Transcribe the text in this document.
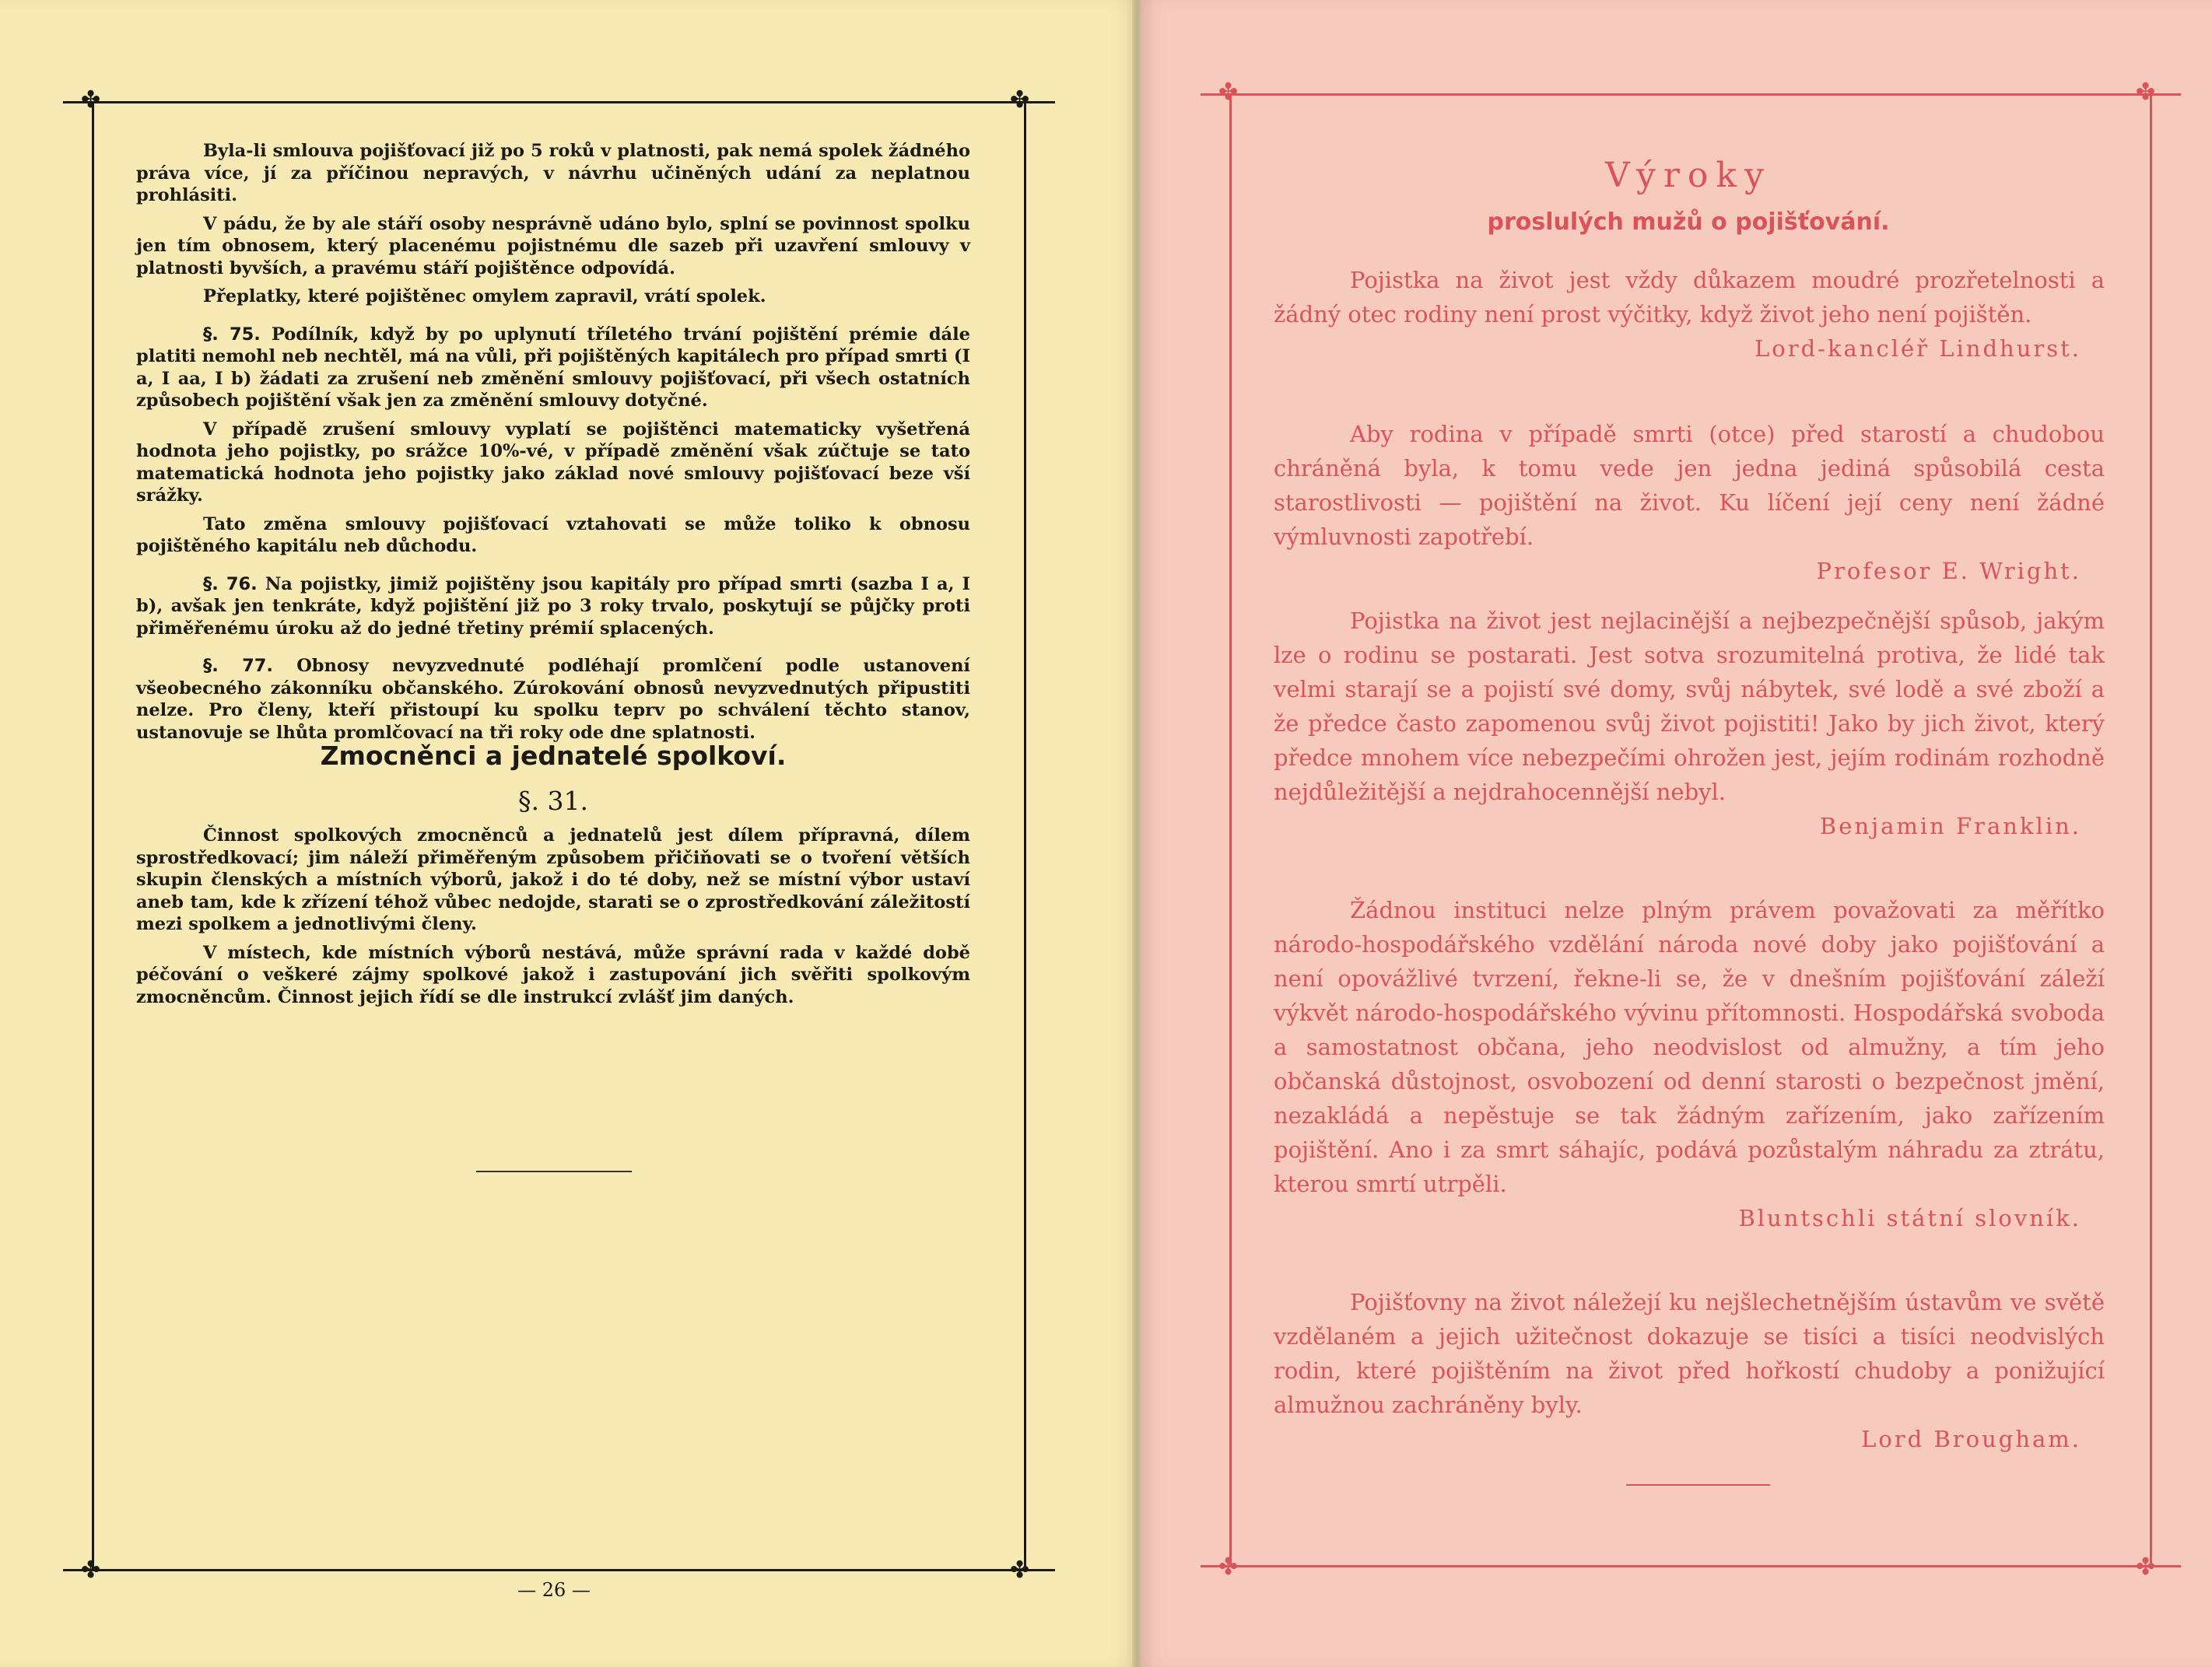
✤	✤
✤	✤
✤	✤
✤	✤

Byla-li smlouva pojišťovací již po 5 roků v platnosti, pak nemá spolek žádného práva více, jí za příčinou nepravých, v návrhu učiněných udání za neplatnou prohlásiti.

V pádu, že by ale stáří osoby nesprávně udáno bylo, splní se povinnost spolku jen tím obnosem, který placenému pojistnému dle sazeb při uzavření smlouvy v platnosti byvších, a pravému stáří pojištěnce odpovídá.

Přeplatky, které pojištěnec omylem zapravil, vrátí spolek.

§. 75. Podílník, když by po uplynutí tříletého trvání pojištění prémie dále platiti nemohl neb nechtěl, má na vůli, při pojištěných kapitálech pro případ smrti (I a, I aa, I b) žádati za zrušení neb změnění smlouvy pojišťovací, při všech ostatních způsobech pojištění však jen za změnění smlouvy dotyčné.

V případě zrušení smlouvy vyplatí se pojištěnci matematicky vyšetřená hodnota jeho pojistky, po srážce 10%-vé, v případě změnění však zúčtuje se tato matematická hodnota jeho pojistky jako základ nové smlouvy pojišťovací beze vší srážky.

Tato změna smlouvy pojišťovací vztahovati se může toliko k obnosu pojištěného kapitálu neb důchodu.

§. 76. Na pojistky, jimiž pojištěny jsou kapitály pro případ smrti (sazba I a, I b), avšak jen tenkráte, když pojištění již po 3 roky trvalo, poskytují se půjčky proti přiměřenému úroku až do jedné třetiny prémií splacených.

§. 77. Obnosy nevyzvednuté podléhají promlčení podle ustanovení všeobecného zákonníku občanského. Zúrokování obnosů nevyzvednutých připustiti nelze. Pro členy, kteří přistoupí ku spolku teprv po schválení těchto stanov, ustanovuje se lhůta promlčovací na tři roky ode dne splatnosti.

Zmocněnci a jednatelé spolkoví.
§. 31.

Činnost spolkových zmocněnců a jednatelů jest dílem přípravná, dílem sprostředkovací; jim náleží přiměřeným způsobem přičiňovati se o tvoření větších skupin členských a místních výborů, jakož i do té doby, než se místní výbor ustaví aneb tam, kde k zřízení téhož vůbec nedojde, starati se o zprostředkování záležitostí mezi spolkem a jednotlivými členy.

V místech, kde místních výborů nestává, může správní rada v každé době péčování o veškeré zájmy spolkové jakož i zastupování jich svěřiti spolkovým zmocněncům. Činnost jejich řídí se dle instrukcí zvlášť jim daných.

— 26 —
Výroky
proslulých mužů o pojišťování.

Pojistka na život jest vždy důkazem moudré prozřetelnosti a žádný otec rodiny není prost výčitky, když život jeho není pojištěn.

Lord-kancléř Lindhurst.

Aby rodina v případě smrti (otce) před starostí a chudobou chráněná byla, k tomu vede jen jedna jediná spůsobilá cesta starostlivosti — pojištění na život. Ku líčení její ceny není žádné výmluvnosti zapotřebí.

Profesor E. Wright.

Pojistka na život jest nejlacinější a nejbezpečnější spůsob, jakým lze o rodinu se postarati. Jest sotva srozumitelná protiva, že lidé tak velmi starají se a pojistí své domy, svůj nábytek, své lodě a své zboží a že předce často zapomenou svůj život pojistiti! Jako by jich život, který předce mnohem více nebezpečími ohrožen jest, jejím rodinám rozhodně nejdůležitější a nejdrahocennější nebyl.

Benjamin Franklin.

Žádnou instituci nelze plným právem považovati za měřítko národo-hospodářského vzdělání národa nové doby jako pojišťování a není opovážlivé tvrzení, řekne-li se, že v dnešním pojišťování záleží výkvět národo-hospodářského vývinu přítomnosti. Hospodářská svoboda a samostatnost občana, jeho neodvislost od almužny, a tím jeho občanská důstojnost, osvobození od denní starosti o bezpečnost jmění, nezakládá a nepěstuje se tak žádným zařízením, jako zařízením pojištění. Ano i za smrt sáhajíc, podává pozůstalým náhradu za ztrátu, kterou smrtí utrpěli.

Bluntschli státní slovník.

Pojišťovny na život náležejí ku nejšlechetnějším ústavům ve světě vzdělaném a jejich užitečnost dokazuje se tisíci a tisíci neodvislých rodin, které pojištěním na život před hořkostí chudoby a ponižující almužnou zachráněny byly.

Lord Brougham.
